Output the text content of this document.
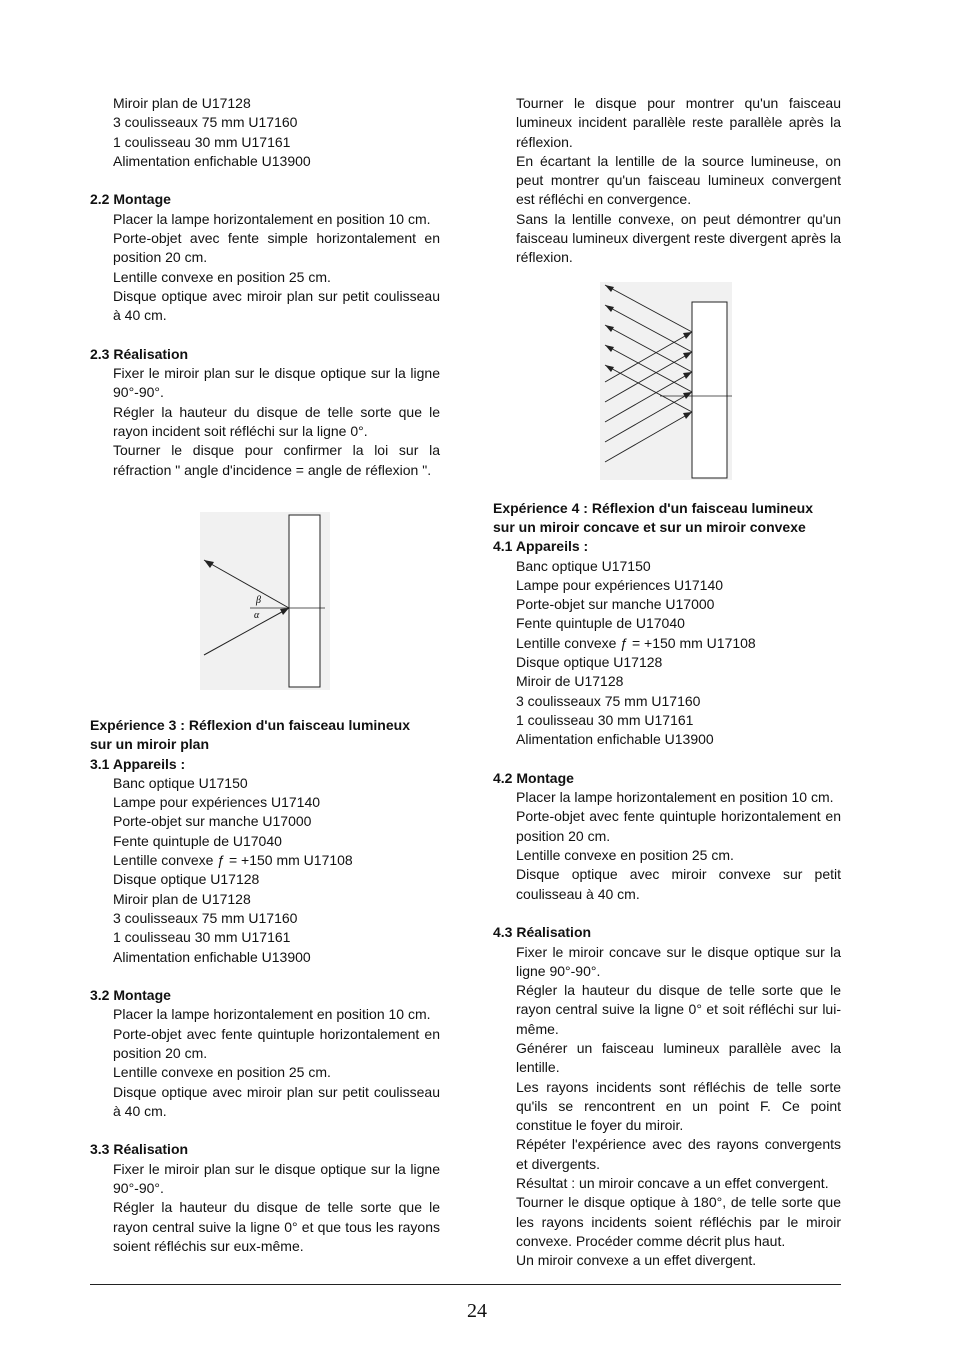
Miroir plan de U17128
3 coulisseaux 75 mm U17160
1 coulisseau 30 mm U17161
Alimentation enfichable U13900
2.2 Montage
Placer la lampe horizontalement en position 10 cm.
Porte-objet avec fente simple horizontalement en position 20 cm.
Lentille convexe en position 25 cm.
Disque optique avec miroir plan sur petit coulisseau à 40 cm.
2.3 Réalisation
Fixer le miroir plan sur le disque optique sur la ligne 90°-90°.
Régler la hauteur du disque de telle sorte que le rayon incident soit réfléchi sur la ligne 0°.
Tourner le disque pour confirmer la loi sur la réfraction " angle d'incidence = angle de réflexion ".
Expérience 3 : Réflexion d'un faisceau lumineux
sur un miroir plan
3.1 Appareils :
Banc optique U17150
Lampe pour expériences U17140
Porte-objet sur manche U17000
Fente quintuple de U17040
Lentille convexe ƒ = +150 mm U17108
Disque optique U17128
Miroir plan de U17128
3 coulisseaux 75 mm U17160
1 coulisseau 30 mm U17161
Alimentation enfichable U13900
3.2 Montage
Placer la lampe horizontalement en position 10 cm.
Porte-objet avec fente quintuple horizontalement en position 20 cm.
Lentille convexe en position 25 cm.
Disque optique avec miroir plan sur petit coulisseau à 40 cm.
3.3 Réalisation
Fixer le miroir plan sur le disque optique sur la ligne 90°-90°.
Régler la hauteur du disque de telle sorte que le rayon central suive la ligne 0° et que tous les rayons soient réfléchis sur eux-même.
β
α
Tourner le disque pour montrer qu'un faisceau lumineux incident parallèle reste parallèle après la réflexion.
En écartant la lentille de la source lumineuse, on peut montrer qu'un faisceau lumineux convergent est réfléchi en convergence.
Sans la lentille convexe, on peut démontrer qu'un faisceau lumineux divergent reste divergent après la réflexion.
Expérience 4 : Réflexion d'un faisceau lumineux
sur un miroir concave et sur un miroir convexe
4.1 Appareils :
Banc optique U17150
Lampe pour expériences U17140
Porte-objet sur manche U17000
Fente quintuple de U17040
Lentille convexe ƒ = +150 mm U17108
Disque optique U17128
Miroir de U17128
3 coulisseaux 75 mm U17160
1 coulisseau 30 mm U17161
Alimentation enfichable U13900
4.2 Montage
Placer la lampe horizontalement en position 10 cm.
Porte-objet avec fente quintuple horizontalement en position 20 cm.
Lentille convexe en position 25 cm.
Disque optique avec miroir convexe sur petit coulisseau à 40 cm.
4.3 Réalisation
Fixer le miroir concave sur le disque optique sur la ligne 90°-90°.
Régler la hauteur du disque de telle sorte que le rayon central suive la ligne 0° et soit réfléchi sur lui-même.
Générer un faisceau lumineux parallèle avec la lentille.
Les rayons incidents sont réfléchis de telle sorte qu'ils se rencontrent en un point F. Ce point constitue le foyer du miroir.
Répéter l'expérience avec des rayons convergents et divergents.
Résultat : un miroir concave a un effet convergent.
Tourner le disque optique à 180°, de telle sorte que les rayons incidents soient réfléchis par le miroir convexe. Procéder comme décrit plus haut.
Un miroir convexe a un effet divergent.
24
